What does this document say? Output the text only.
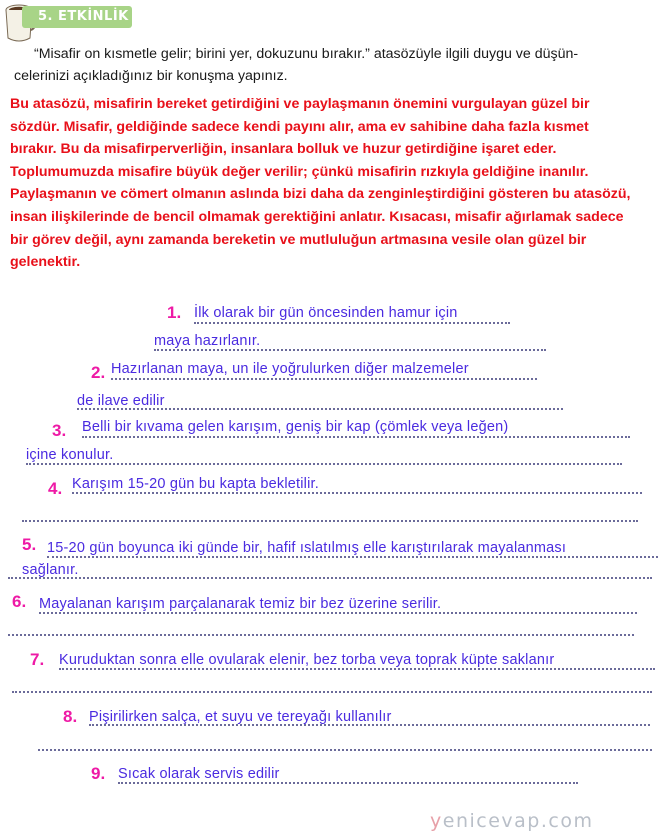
5. ETKİNLİK
“Misafir on kısmetle gelir; birini yer, dokuzunu bırakır.” atasözüyle ilgili duygu ve düşün-
celerinizi açıkladığınız bir konuşma yapınız.
Bu atasözü, misafirin bereket getirdiğini ve paylaşmanın önemini vurgulayan güzel bir
sözdür. Misafir, geldiğinde sadece kendi payını alır, ama ev sahibine daha fazla kısmet
bırakır. Bu da misafirperverliğin, insanlara bolluk ve huzur getirdiğine işaret eder.
Toplumumuzda misafire büyük değer verilir; çünkü misafirin rızkıyla geldiğine inanılır.
Paylaşmanın ve cömert olmanın aslında bizi daha da zenginleştirdiğini gösteren bu atasözü,
insan ilişkilerinde de bencil olmamak gerektiğini anlatır. Kısacası, misafir ağırlamak sadece
bir görev değil, aynı zamanda bereketin ve mutluluğun artmasına vesile olan güzel bir
gelenektir.
1. İlk olarak bir gün öncesinden hamur için
maya hazırlanır.
2. Hazırlanan maya, un ile yoğrulurken diğer malzemeler
de ilave edilir
3. Belli bir kıvama gelen karışım, geniş bir kap (çömlek veya leğen)
içine konulur.
4. Karışım 15-20 gün bu kapta bekletilir.
5. 15-20 gün boyunca iki günde bir, hafif ıslatılmış elle karıştırılarak mayalanması
sağlanır.
6. Mayalanan karışım parçalanarak temiz bir bez üzerine serilir.
7. Kuruduktan sonra elle ovularak elenir, bez torba veya toprak küpte saklanır
8. Pişirilirken salça, et suyu ve tereyağı kullanılır
9. Sıcak olarak servis edilir
yenicevap.com
